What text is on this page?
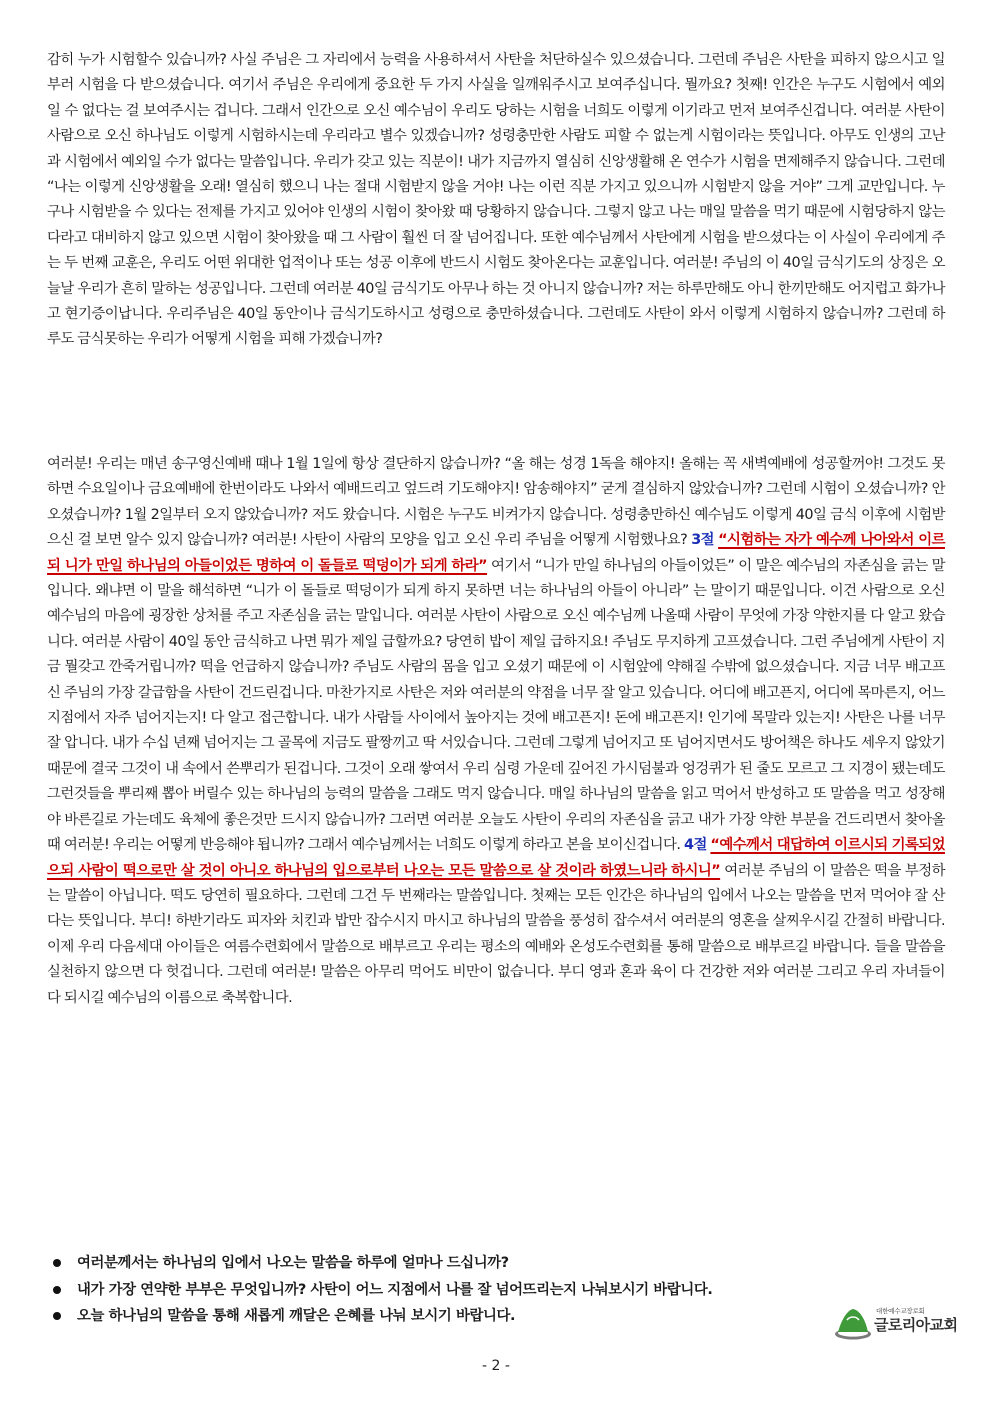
감히 누가 시험할수 있습니까? 사실 주님은 그 자리에서 능력을 사용하셔서 사탄을 처단하실수 있으셨습니다. 그런데 주님은 사탄을 피하지 않으시고 일부러 시험을 다 받으셨습니다. 여기서 주님은 우리에게 중요한 두 가지 사실을 일깨워주시고 보여주십니다. 뭘까요? 첫째! 인간은 누구도 시험에서 예외일 수 없다는 걸 보여주시는 겁니다. 그래서 인간으로 오신 예수님이 우리도 당하는 시험을 너희도 이렇게 이기라고 먼저 보여주신겁니다. 여러분 사탄이 사람으로 오신 하나님도 이렇게 시험하시는데 우리라고 별수 있겠습니까? 성령충만한 사람도 피할 수 없는게 시험이라는 뜻입니다. 아무도 인생의 고난과 시험에서 예외일 수가 없다는 말씀입니다. 우리가 갖고 있는 직분이! 내가 지금까지 열심히 신앙생활해 온 연수가 시험을 면제해주지 않습니다. 그런데 “나는 이렇게 신앙생활을 오래! 열심히 했으니 나는 절대 시험받지 않을 거야! 나는 이런 직분 가지고 있으니까 시험받지 않을 거야” 그게 교만입니다. 누구나 시험받을 수 있다는 전제를 가지고 있어야 인생의 시험이 찾아왔 때 당황하지 않습니다. 그렇지 않고 나는 매일 말씀을 먹기 때문에 시험당하지 않는다라고 대비하지 않고 있으면 시험이 찾아왔을 때 그 사람이 훨씬 더 잘 넘어집니다. 또한 예수님께서 사탄에게 시험을 받으셨다는 이 사실이 우리에게 주는 두 번째 교훈은, 우리도 어떤 위대한 업적이나 또는 성공 이후에 반드시 시험도 찾아온다는 교훈입니다. 여러분! 주님의 이 40일 금식기도의 상징은 오늘날 우리가 흔히 말하는 성공입니다. 그런데 여러분 40일 금식기도 아무나 하는 것 아니지 않습니까? 저는 하루만해도 아니 한끼만해도 어지럽고 화가나고 현기증이납니다. 우리주님은 40일 동안이나 금식기도하시고 성령으로 충만하셨습니다. 그런데도 사탄이 와서 이렇게 시험하지 않습니까? 그런데 하루도 금식못하는 우리가 어떻게 시험을 피해 가겠습니까?

여러분! 우리는 매년 송구영신예배 때나 1월 1일에 항상 결단하지 않습니까? “올 해는 성경 1독을 해야지! 올해는 꼭 새벽예배에 성공할꺼야! 그것도 못하면 수요일이나 금요예배에 한번이라도 나와서 예배드리고 엎드려 기도해야지! 암송해야지” 굳게 결심하지 않았습니까? 그런데 시험이 오셨습니까? 안오셨습니까? 1월 2일부터 오지 않았습니까? 저도 왔습니다. 시험은 누구도 비켜가지 않습니다. 성령충만하신 예수님도 이렇게 40일 금식 이후에 시험받으신 걸 보면 알수 있지 않습니까? 여러분! 사탄이 사람의 모양을 입고 오신 우리 주님을 어떻게 시험했나요? 3절 “시험하는 자가 예수께 나아와서 이르되 니가 만일 하나님의 아들이었든 명하여 이 돌들로 떡덩이가 되게 하라” 여기서 “니가 만일 하나님의 아들이었든” 이 말은 예수님의 자존심을 긁는 말입니다. 왜냐면 이 말을 해석하면 “니가 이 돌들로 떡덩이가 되게 하지 못하면 너는 하나님의 아들이 아니라” 는 말이기 때문입니다. 이건 사람으로 오신 예수님의 마음에 굉장한 상처를 주고 자존심을 긁는 말입니다. 여러분 사탄이 사람으로 오신 예수님께 나올때 사람이 무엇에 가장 약한지를 다 알고 왔습니다. 여러분 사람이 40일 동안 금식하고 나면 뭐가 제일 급할까요? 당연히 밥이 제일 급하지요! 주님도 무지하게 고프셨습니다. 그런 주님에게 사탄이 지금 뭘갖고 깐죽거립니까? 떡을 언급하지 않습니까? 주님도 사람의 몸을 입고 오셨기 때문에 이 시험앞에 약해질 수밖에 없으셨습니다. 지금 너무 배고프신 주님의 가장 갈급함을 사탄이 건드린겁니다. 마찬가지로 사탄은 저와 여러분의 약점을 너무 잘 알고 있습니다. 어디에 배고픈지, 어디에 목마른지, 어느지점에서 자주 넘어지는지! 다 알고 접근합니다. 내가 사람들 사이에서 높아지는 것에 배고픈지! 돈에 배고픈지! 인기에 목말라 있는지! 사탄은 나를 너무 잘 압니다. 내가 수십 년째 넘어지는 그 골목에 지금도 팔짱끼고 딱 서있습니다. 그런데 그렇게 넘어지고 또 넘어지면서도 방어책은 하나도 세우지 않았기 때문에 결국 그것이 내 속에서 쓴뿌리가 된겁니다. 그것이 오래 쌓여서 우리 심령 가운데 깊어진 가시덤불과 엉겅퀴가 된 줄도 모르고 그 지경이 됐는데도 그런것들을 뿌리째 뽑아 버릴수 있는 하나님의 능력의 말씀을 그래도 먹지 않습니다. 매일 하나님의 말씀을 읽고 먹어서 반성하고 또 말씀을 먹고 성장해야 바른길로 가는데도 육체에 좋은것만 드시지 않습니까? 그러면 여러분 오늘도 사탄이 우리의 자존심을 긁고 내가 가장 약한 부분을 건드리면서 찾아올 때 여러분! 우리는 어떻게 반응해야 됩니까? 그래서 예수님께서는 너희도 이렇게 하라고 본을 보이신겁니다. 4절 “예수께서 대답하여 이르시되 기록되었으되 사람이 떡으로만 살 것이 아니오 하나님의 입으로부터 나오는 모든 말씀으로 살 것이라 하였느니라 하시니” 여러분 주님의 이 말씀은 떡을 부정하는 말씀이 아닙니다. 떡도 당연히 필요하다. 그런데 그건 두 번째라는 말씀입니다. 첫째는 모든 인간은 하나님의 입에서 나오는 말씀을 먼저 먹어야 잘 산다는 뜻입니다. 부디! 하반기라도 피자와 치킨과 밥만 잡수시지 마시고 하나님의 말씀을 풍성히 잡수셔서 여러분의 영혼을 살찌우시길 간절히 바랍니다. 이제 우리 다음세대 아이들은 여름수련회에서 말씀으로 배부르고 우리는 평소의 예배와 온성도수련회를 통해 말씀으로 배부르길 바랍니다. 들을 말씀을 실천하지 않으면 다 헛겁니다. 그런데 여러분! 말씀은 아무리 먹어도 비만이 없습니다. 부디 영과 혼과 육이 다 건강한 저와 여러분 그리고 우리 자녀들이 다 되시길 예수님의 이름으로 축복합니다.

여러분께서는 하나님의 입에서 나오는 말씀을 하루에 얼마나 드십니까?
내가 가장 연약한 부부은 무엇입니까? 사탄이 어느 지점에서 나를 잘 넘어뜨리는지 나눠보시기 바랍니다.
오늘 하나님의 말씀을 통해 새롭게 깨달은 은혜를 나눠 보시기 바랍니다.	대한예수교장로회
글로리아교회
- 2 -
